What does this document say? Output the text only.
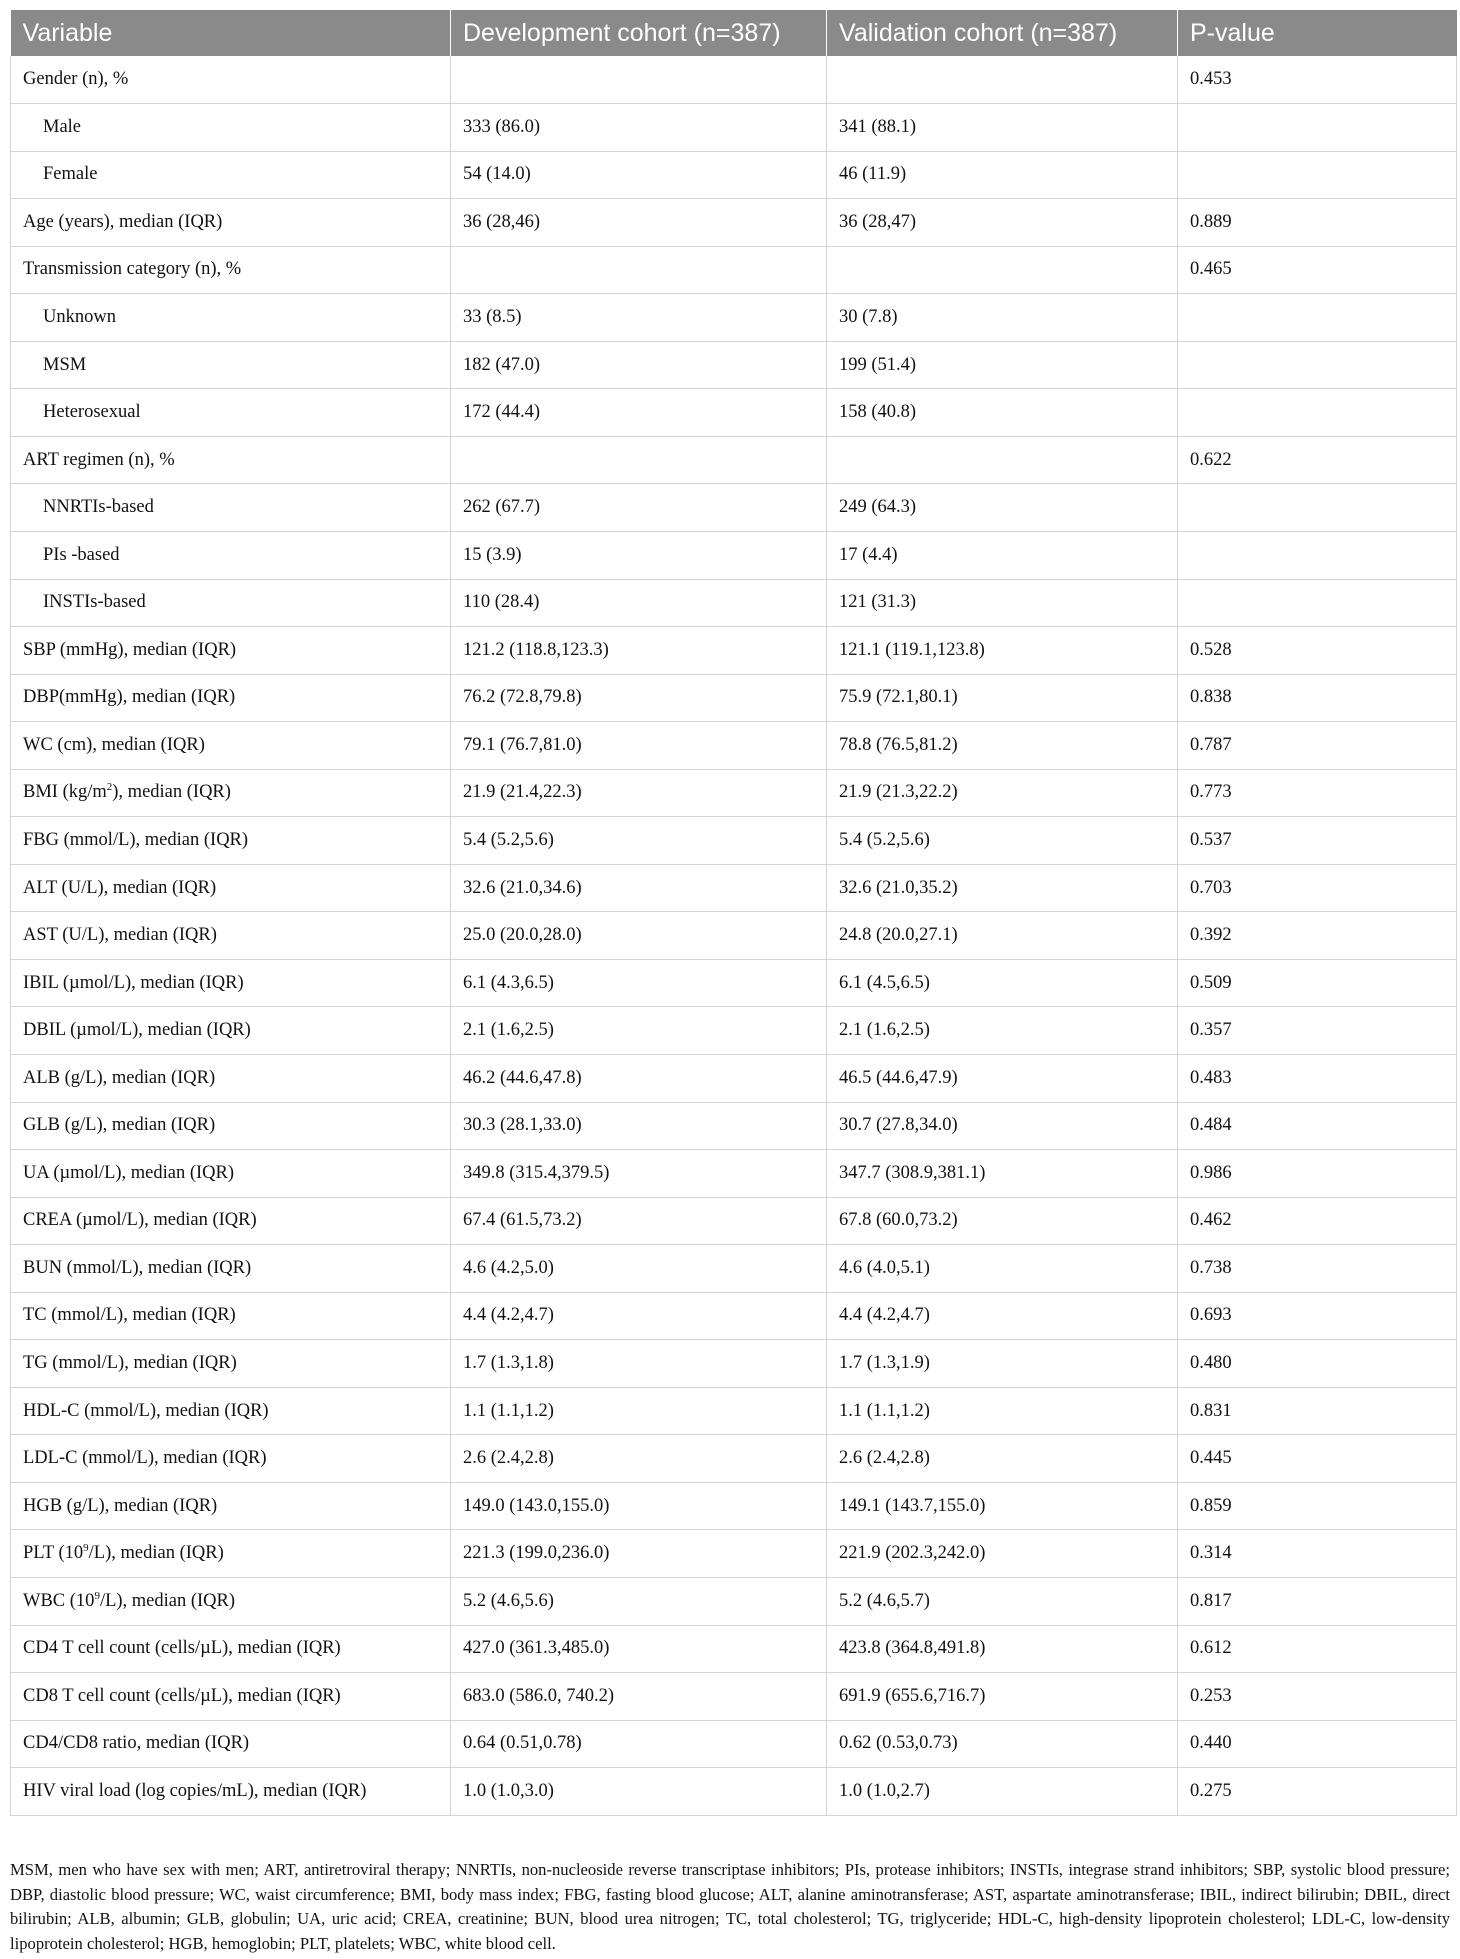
Variable	Development cohort (n=387)	Validation cohort (n=387)	P-value
Gender (n), %			0.453
Male	333 (86.0)	341 (88.1)	
Female	54 (14.0)	46 (11.9)	
Age (years), median (IQR)	36 (28,46)	36 (28,47)	0.889
Transmission category (n), %			0.465
Unknown	33 (8.5)	30 (7.8)	
MSM	182 (47.0)	199 (51.4)	
Heterosexual	172 (44.4)	158 (40.8)	
ART regimen (n), %			0.622
NNRTIs-based	262 (67.7)	249 (64.3)	
PIs -based	15 (3.9)	17 (4.4)	
INSTIs-based	110 (28.4)	121 (31.3)	
SBP (mmHg), median (IQR)	121.2 (118.8,123.3)	121.1 (119.1,123.8)	0.528
DBP(mmHg), median (IQR)	76.2 (72.8,79.8)	75.9 (72.1,80.1)	0.838
WC (cm), median (IQR)	79.1 (76.7,81.0)	78.8 (76.5,81.2)	0.787
BMI $(kg/m^2)$, median (IQR)	21.9 (21.4,22.3)	21.9 (21.3,22.2)	0.773
FBG (mmol/L), median (IQR)	5.4 (5.2,5.6)	5.4 (5.2,5.6)	0.537
ALT (U/L), median (IQR)	32.6 (21.0,34.6)	32.6 (21.0,35.2)	0.703
AST (U/L), median (IQR)	25.0 (20.0,28.0)	24.8 (20.0,27.1)	0.392
IBIL (µmol/L), median (IQR)	6.1 (4.3,6.5)	6.1 (4.5,6.5)	0.509
DBIL (µmol/L), median (IQR)	2.1 (1.6,2.5)	2.1 (1.6,2.5)	0.357
ALB (g/L), median (IQR)	46.2 (44.6,47.8)	46.5 (44.6,47.9)	0.483
GLB (g/L), median (IQR)	30.3 (28.1,33.0)	30.7 (27.8,34.0)	0.484
UA (µmol/L), median (IQR)	349.8 (315.4,379.5)	347.7 (308.9,381.1)	0.986
CREA (µmol/L), median (IQR)	67.4 (61.5,73.2)	67.8 (60.0,73.2)	0.462
BUN (mmol/L), median (IQR)	4.6 (4.2,5.0)	4.6 (4.0,5.1)	0.738
TC (mmol/L), median (IQR)	4.4 (4.2,4.7)	4.4 (4.2,4.7)	0.693
TG (mmol/L), median (IQR)	1.7 (1.3,1.8)	1.7 (1.3,1.9)	0.480
HDL-C (mmol/L), median (IQR)	1.1 (1.1,1.2)	1.1 (1.1,1.2)	0.831
LDL-C (mmol/L), median (IQR)	2.6 (2.4,2.8)	2.6 (2.4,2.8)	0.445
HGB (g/L), median (IQR)	149.0 (143.0,155.0)	149.1 (143.7,155.0)	0.859
PLT $(10^9/L)$, median (IQR)	221.3 (199.0,236.0)	221.9 (202.3,242.0)	0.314
WBC $(10^9/L)$, median (IQR)	5.2 (4.6,5.6)	5.2 (4.6,5.7)	0.817
CD4 T cell count (cells/µL), median (IQR)	427.0 (361.3,485.0)	423.8 (364.8,491.8)	0.612
CD8 T cell count (cells/µL), median (IQR)	683.0 (586.0, 740.2)	691.9 (655.6,716.7)	0.253
CD4/CD8 ratio, median (IQR)	0.64 (0.51,0.78)	0.62 (0.53,0.73)	0.440
HIV viral load (log copies/mL), median (IQR)	1.0 (1.0,3.0)	1.0 (1.0,2.7)	0.275
MSM, men who have sex with men; ART, antiretroviral therapy; NNRTIs, non-nucleoside reverse transcriptase inhibitors; PIs, protease inhibitors; INSTIs, integrase strand inhibitors; SBP, systolic blood pressure; DBP, diastolic blood pressure; WC, waist circumference; BMI, body mass index; FBG, fasting blood glucose; ALT, alanine aminotransferase; AST, aspartate aminotransferase; IBIL, indirect bilirubin; DBIL, direct bilirubin; ALB, albumin; GLB, globulin; UA, uric acid; CREA, creatinine; BUN, blood urea nitrogen; TC, total cholesterol; TG, triglyceride; HDL-C, high-density lipoprotein cholesterol; LDL-C, low-density lipoprotein cholesterol; HGB, hemoglobin; PLT, platelets; WBC, white blood cell.
